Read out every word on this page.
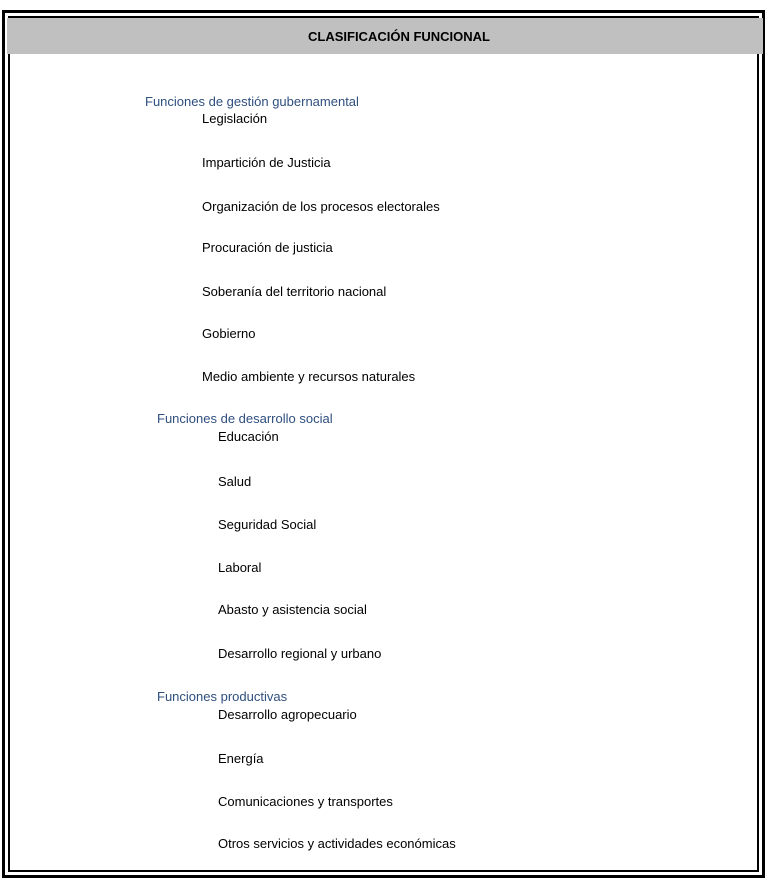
CLASIFICACIÓN FUNCIONAL
Funciones de gestión gubernamental
Legislación
Impartición de Justicia
Organización de los procesos electorales
Procuración de justicia
Soberanía del territorio nacional
Gobierno
Medio ambiente y recursos naturales
Funciones de desarrollo social
Educación
Salud
Seguridad Social
Laboral
Abasto y asistencia social
Desarrollo regional y urbano
Funciones productivas
Desarrollo agropecuario
Energía
Comunicaciones y transportes
Otros servicios y actividades económicas
